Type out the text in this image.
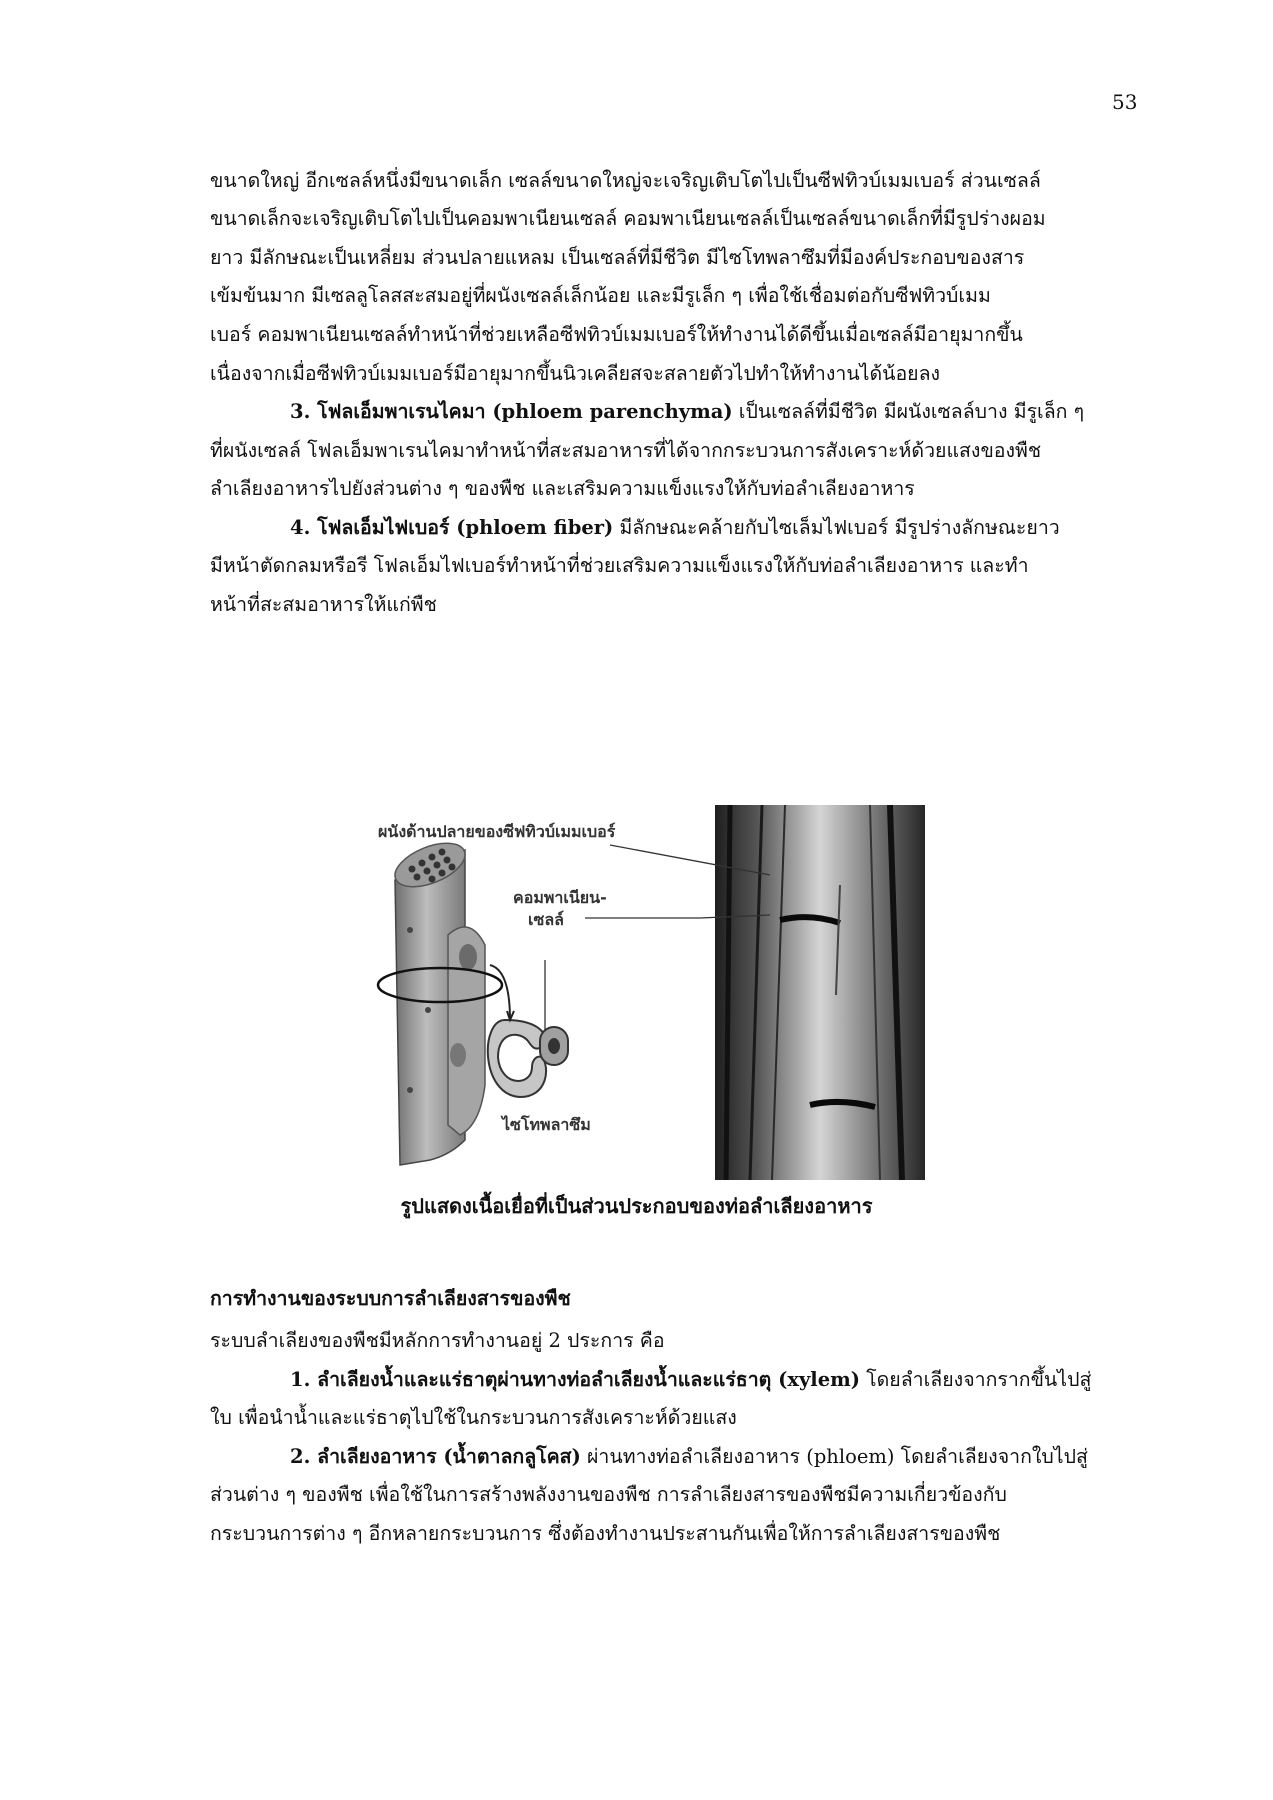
53
ขนาดใหญ่ อีกเซลล์หนึ่งมีขนาดเล็ก เซลล์ขนาดใหญ่จะเจริญเติบโตไปเป็นซีฟทิวบ์เมมเบอร์ ส่วนเซลล์
ขนาดเล็กจะเจริญเติบโตไปเป็นคอมพาเนียนเซลล์ คอมพาเนียนเซลล์เป็นเซลล์ขนาดเล็กที่มีรูปร่างผอม
ยาว มีลักษณะเป็นเหลี่ยม ส่วนปลายแหลม เป็นเซลล์ที่มีชีวิต มีไซโทพลาซึมที่มีองค์ประกอบของสาร
เข้มข้นมาก มีเซลลูโลสสะสมอยู่ที่ผนังเซลล์เล็กน้อย และมีรูเล็ก ๆ เพื่อใช้เชื่อมต่อกับซีฟทิวบ์เมม
เบอร์ คอมพาเนียนเซลล์ทำหน้าที่ช่วยเหลือซีฟทิวบ์เมมเบอร์ให้ทำงานได้ดีขึ้นเมื่อเซลล์มีอายุมากขึ้น
เนื่องจากเมื่อซีฟทิวบ์เมมเบอร์มีอายุมากขึ้นนิวเคลียสจะสลายตัวไปทำให้ทำงานได้น้อยลง
3. โฟลเอ็มพาเรนไคมา (phloem parenchyma) เป็นเซลล์ที่มีชีวิต มีผนังเซลล์บาง มีรูเล็ก ๆ
ที่ผนังเซลล์ โฟลเอ็มพาเรนไคมาทำหน้าที่สะสมอาหารที่ได้จากกระบวนการสังเคราะห์ด้วยแสงของพืช
ลำเลียงอาหารไปยังส่วนต่าง ๆ ของพืช และเสริมความแข็งแรงให้กับท่อลำเลียงอาหาร
4. โฟลเอ็มไฟเบอร์ (phloem fiber) มีลักษณะคล้ายกับไซเล็มไฟเบอร์ มีรูปร่างลักษณะยาว
มีหน้าตัดกลมหรือรี โฟลเอ็มไฟเบอร์ทำหน้าที่ช่วยเสริมความแข็งแรงให้กับท่อลำเลียงอาหาร และทำ
หน้าที่สะสมอาหารให้แก่พืช
ผนังด้านปลายของซีฟทิวบ์เมมเบอร์
คอมพาเนียน-
เซลล์
ไซโทพลาซึม
รูปแสดงเนื้อเยื่อที่เป็นส่วนประกอบของท่อลำเลียงอาหาร
การทำงานของระบบการลำเลียงสารของพืช
ระบบลำเลียงของพืชมีหลักการทำงานอยู่ 2 ประการ คือ
1. ลำเลียงน้ำและแร่ธาตุผ่านทางท่อลำเลียงน้ำและแร่ธาตุ (xylem) โดยลำเลียงจากรากขึ้นไปสู่
ใบ เพื่อนำน้ำและแร่ธาตุไปใช้ในกระบวนการสังเคราะห์ด้วยแสง
2. ลำเลียงอาหาร (น้ำตาลกลูโคส) ผ่านทางท่อลำเลียงอาหาร (phloem) โดยลำเลียงจากใบไปสู่
ส่วนต่าง ๆ ของพืช เพื่อใช้ในการสร้างพลังงานของพืช การลำเลียงสารของพืชมีความเกี่ยวข้องกับ
กระบวนการต่าง ๆ อีกหลายกระบวนการ ซึ่งต้องทำงานประสานกันเพื่อให้การลำเลียงสารของพืช
